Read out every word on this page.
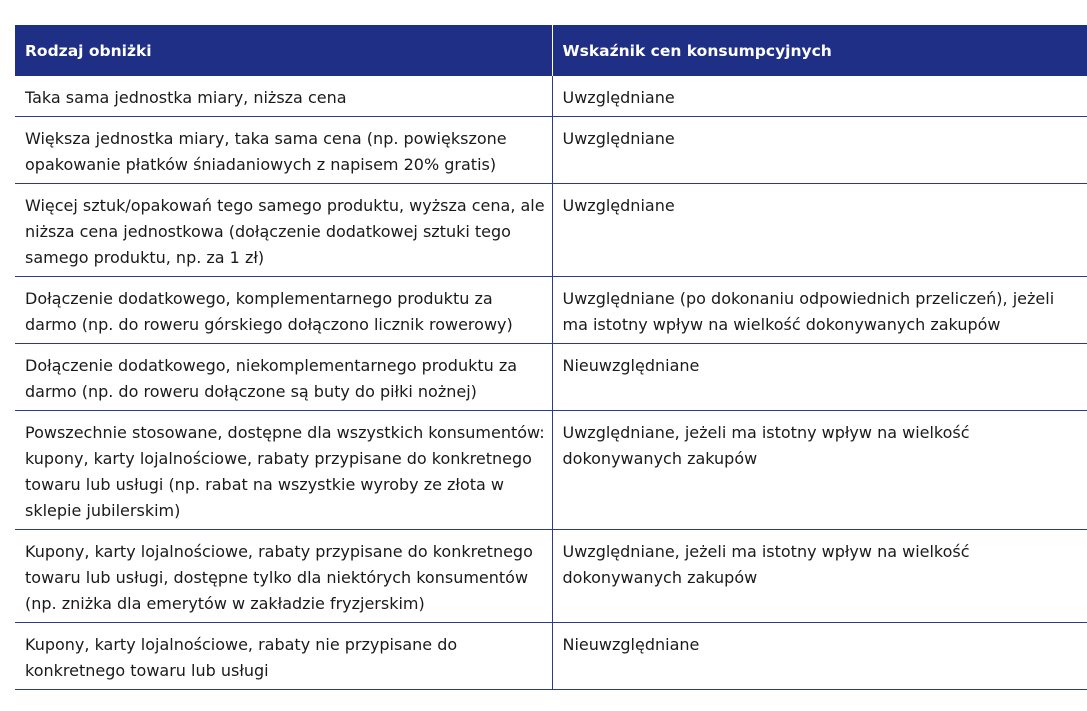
Rodzaj obniżki	Wskaźnik cen konsumpcyjnych
Taka sama jednostka miary, niższa cena	Uwzględniane
Większa jednostka miary, taka sama cena (np. powiększone opakowanie płatków śniadaniowych z napisem 20% gratis)	Uwzględniane
Więcej sztuk/opakowań tego samego produktu, wyższa cena, ale niższa cena jednostkowa (dołączenie dodatkowej sztuki tego samego produktu, np. za 1 zł)	Uwzględniane
Dołączenie dodatkowego, komplementarnego produktu za darmo (np. do roweru górskiego dołączono licznik rowerowy)	Uwzględniane (po dokonaniu odpowiednich przeliczeń), jeżeli ma istotny wpływ na wielkość dokonywanych zakupów
Dołączenie dodatkowego, niekomplementarnego produktu za darmo (np. do roweru dołączone są buty do piłki nożnej)	Nieuwzględniane
Powszechnie stosowane, dostępne dla wszystkich konsumentów: kupony, karty lojalnościowe, rabaty przypisane do konkretnego towaru lub usługi (np. rabat na wszystkie wyroby ze złota w sklepie jubilerskim)	Uwzględniane, jeżeli ma istotny wpływ na wielkość dokonywanych zakupów
Kupony, karty lojalnościowe, rabaty przypisane do konkretnego towaru lub usługi, dostępne tylko dla niektórych konsumentów (np. zniżka dla emerytów w zakładzie fryzjerskim)	Uwzględniane, jeżeli ma istotny wpływ na wielkość dokonywanych zakupów
Kupony, karty lojalnościowe, rabaty nie przypisane do konkretnego towaru lub usługi	Nieuwzględniane
